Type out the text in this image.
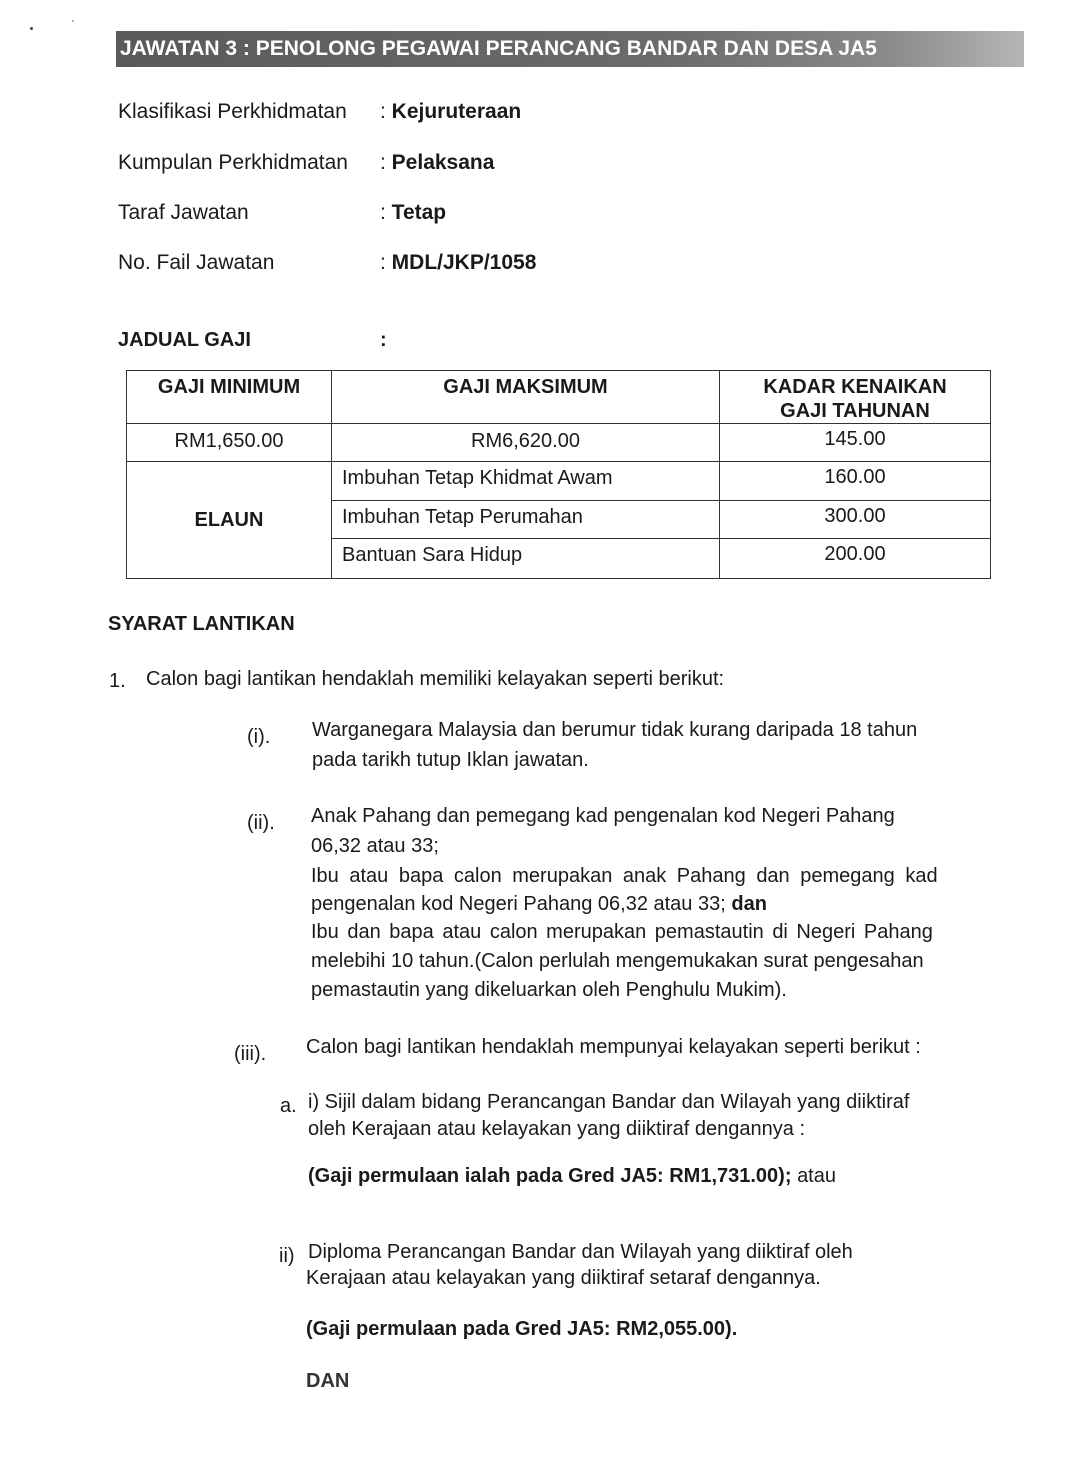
JAWATAN 3 : PENOLONG PEGAWAI PERANCANG BANDAR DAN DESA JA5
Klasifikasi Perkhidmatan : Kejuruteraan
Kumpulan Perkhidmatan : Pelaksana
Taraf Jawatan	: Tetap
No. Fail Jawatan	: MDL/JKP/1058
JADUAL GAJI	:
GAJI MINIMUM	GAJI MAKSIMUM	KADAR KENAIKAN
GAJI TAHUNAN

RM1,650.00	RM6,620.00	145.00
ELAUN	Imbuhan Tetap Khidmat Awam	160.00
	Imbuhan Tetap Perumahan	300.00
	Bantuan Sara Hidup	200.00
SYARAT LANTIKAN
1. Calon bagi lantikan hendaklah memiliki kelayakan seperti berikut:
(i). Warganegara Malaysia dan berumur tidak kurang daripada 18 tahun
pada tarikh tutup Iklan jawatan.
(ii). Anak Pahang dan pemegang kad pengenalan kod Negeri Pahang
06,32 atau 33;
Ibu atau bapa calon merupakan anak Pahang dan pemegang kad
pengenalan kod Negeri Pahang 06,32 atau 33; dan
Ibu dan bapa atau calon merupakan pemastautin di Negeri Pahang
melebihi 10 tahun.(Calon perlulah mengemukakan surat pengesahan
pemastautin yang dikeluarkan oleh Penghulu Mukim).
(iii). Calon bagi lantikan hendaklah mempunyai kelayakan seperti berikut :
a. i) Sijil dalam bidang Perancangan Bandar dan Wilayah yang diiktiraf
oleh Kerajaan atau kelayakan yang diiktiraf dengannya :
(Gaji permulaan ialah pada Gred JA5: RM1,731.00); atau
ii) Diploma Perancangan Bandar dan Wilayah yang diiktiraf oleh
Kerajaan atau kelayakan yang diiktiraf setaraf dengannya.
(Gaji permulaan pada Gred JA5: RM2,055.00).
DAN
